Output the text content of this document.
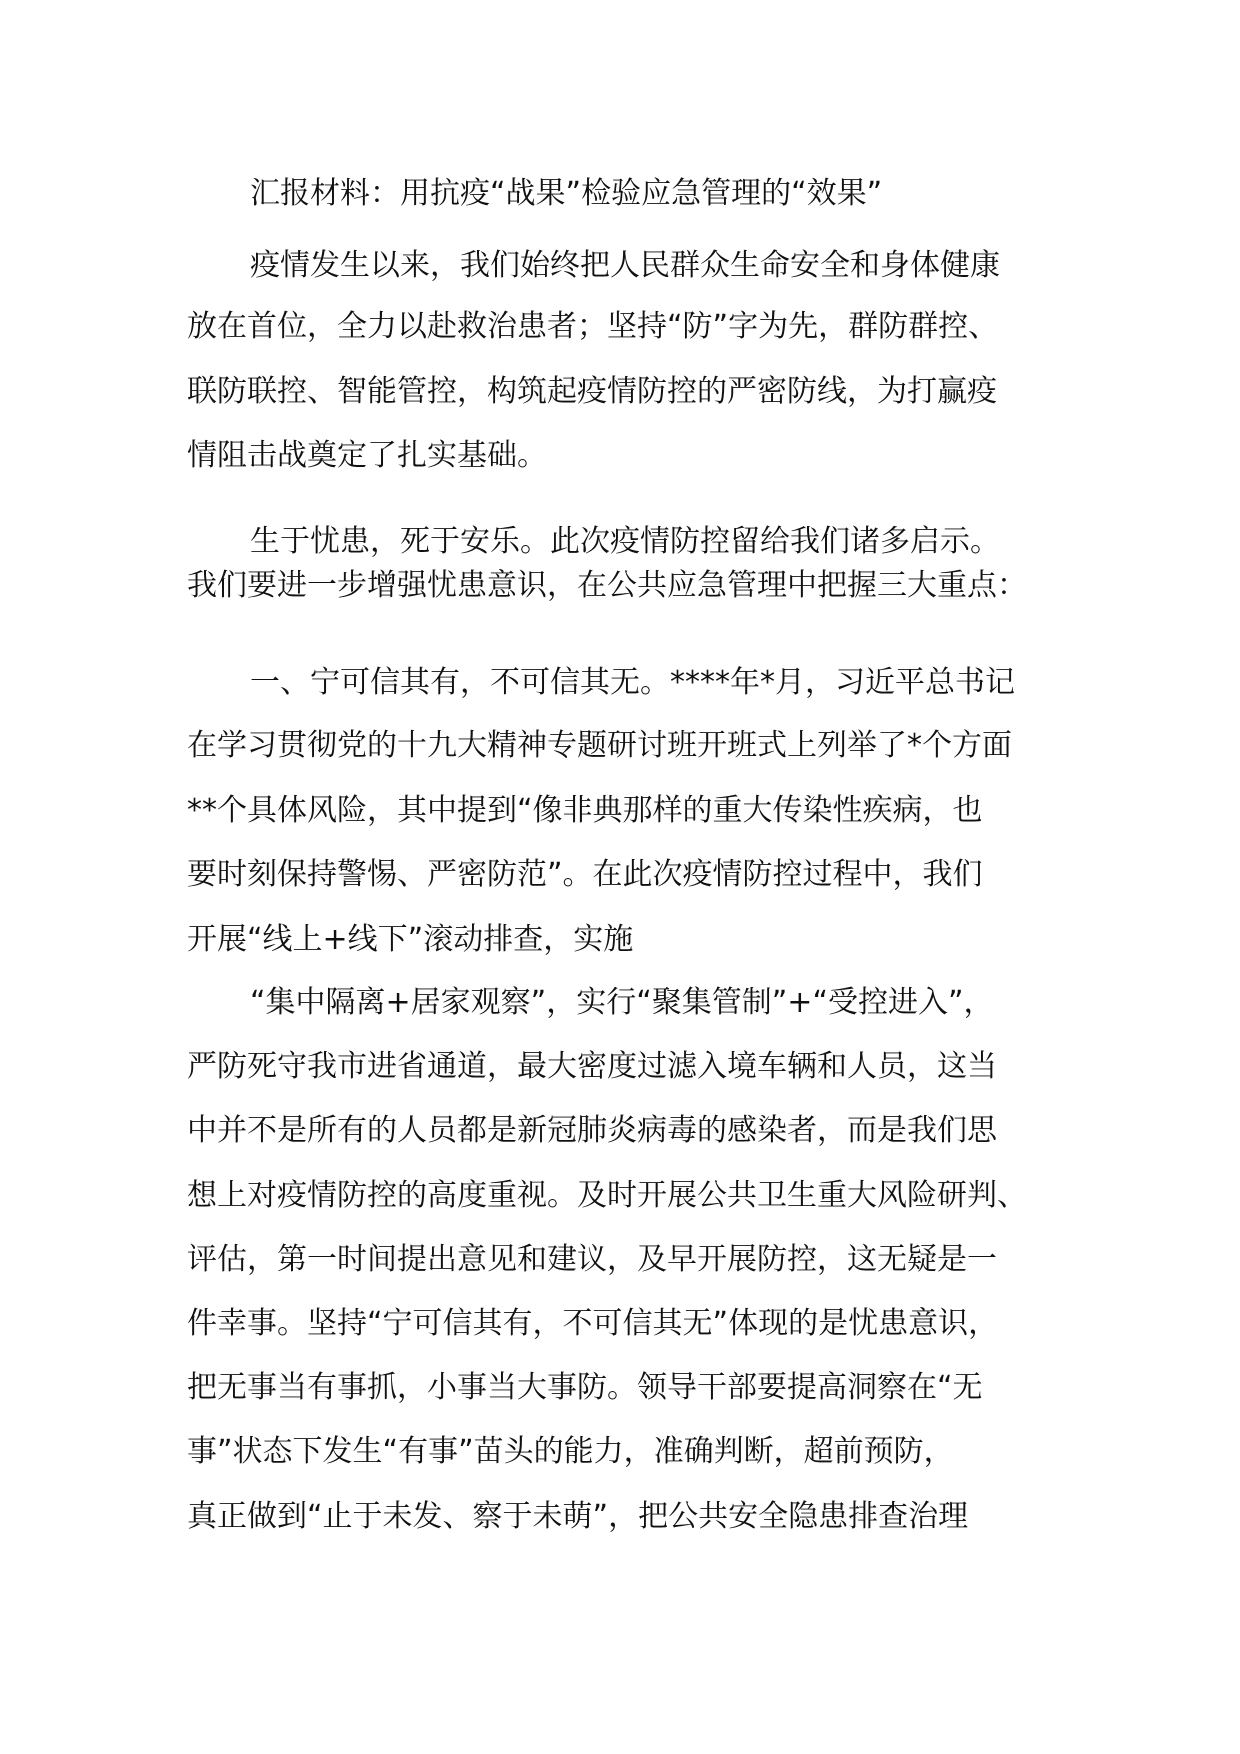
汇报材料：用抗疫“战果”检验应急管理的“效果”
疫情发生以来，我们始终把人民群众生命安全和身体健康
放在首位，全力以赴救治患者；坚持“防”字为先，群防群控、
联防联控、智能管控，构筑起疫情防控的严密防线，为打赢疫
情阻击战奠定了扎实基础。
生于忧患，死于安乐。此次疫情防控留给我们诸多启示。
我们要进一步增强忧患意识，在公共应急管理中把握三大重点：
一、宁可信其有，不可信其无。****年*月，习近平总书记
在学习贯彻党的十九大精神专题研讨班开班式上列举了*个方面
**个具体风险，其中提到“像非典那样的重大传染性疾病，也
要时刻保持警惕、严密防范”。在此次疫情防控过程中，我们
开展“线上+线下”滚动排查，实施
“集中隔离+居家观察”，实行“聚集管制”+“受控进入”，
严防死守我市进省通道，最大密度过滤入境车辆和人员，这当
中并不是所有的人员都是新冠肺炎病毒的感染者，而是我们思
想上对疫情防控的高度重视。及时开展公共卫生重大风险研判、
评估，第一时间提出意见和建议，及早开展防控，这无疑是一
件幸事。坚持“宁可信其有，不可信其无”体现的是忧患意识，
把无事当有事抓，小事当大事防。领导干部要提高洞察在“无
事”状态下发生“有事”苗头的能力，准确判断，超前预防，
真正做到“止于未发、察于未萌”，把公共安全隐患排查治理
